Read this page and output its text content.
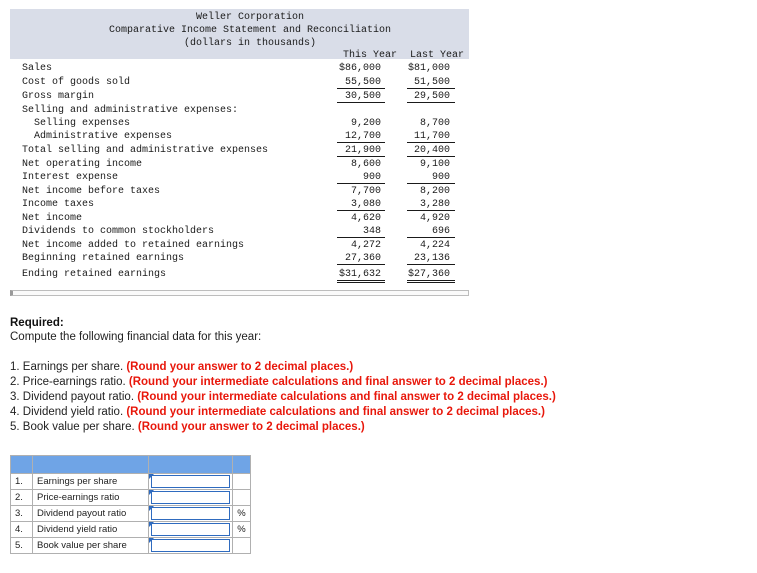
Weller Corporation
Comparative Income Statement and Reconciliation
(dollars in thousands)
This Year	Last Year
Sales	$86,000	$81,000
Cost of goods sold	55,500	51,500
Gross margin	30,500	29,500
Selling and administrative expenses:
Selling expenses	9,200	8,700
Administrative expenses	12,700	11,700
Total selling and administrative expenses	21,900	20,400
Net operating income	8,600	9,100
Interest expense	900	900
Net income before taxes	7,700	8,200
Income taxes	3,080	3,280
Net income	4,620	4,920
Dividends to common stockholders	348	696
Net income added to retained earnings	4,272	4,224
Beginning retained earnings	27,360	23,136
Ending retained earnings	$31,632	$27,360
Required:
Compute the following financial data for this year:
1. Earnings per share. (Round your answer to 2 decimal places.)
2. Price-earnings ratio. (Round your intermediate calculations and final answer to 2 decimal places.)
3. Dividend payout ratio. (Round your intermediate calculations and final answer to 2 decimal places.)
4. Dividend yield ratio. (Round your intermediate calculations and final answer to 2 decimal places.)
5. Book value per share. (Round your answer to 2 decimal places.)

1.	Earnings per share	

2.	Price-earnings ratio	

3.	Dividend payout ratio		%
4.	Dividend yield ratio		%
5.	Book value per share	
